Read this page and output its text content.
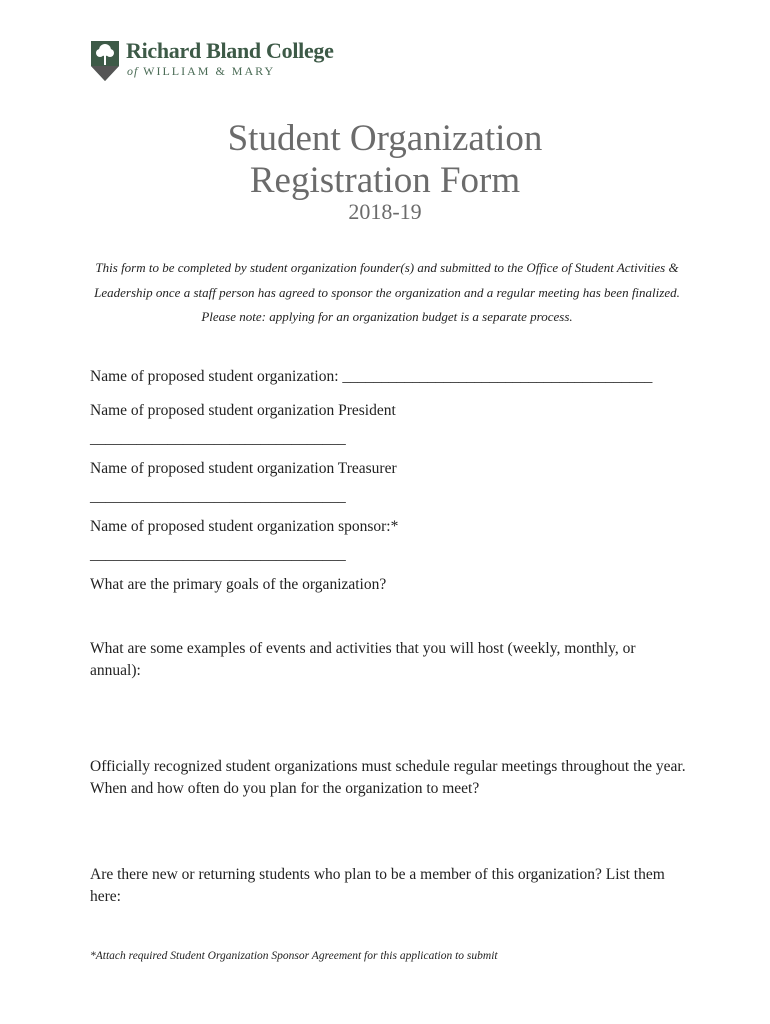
Richard Bland College
of WILLIAM & MARY
Student Organization
Registration Form
2018-19
This form to be completed by student organization founder(s) and submitted to the Office of Student Activities & Leadership once a staff person has agreed to sponsor the organization and a regular meeting has been finalized. Please note: applying for an organization budget is a separate process.
Name of proposed student organization: ________________________________________
Name of proposed student organization President
_________________________________
Name of proposed student organization Treasurer
_________________________________
Name of proposed student organization sponsor:*
_________________________________
What are the primary goals of the organization?
What are some examples of events and activities that you will host (weekly, monthly, or annual):
Officially recognized student organizations must schedule regular meetings throughout the year. When and how often do you plan for the organization to meet?
Are there new or returning students who plan to be a member of this organization? List them here:
*Attach required Student Organization Sponsor Agreement for this application to submit
